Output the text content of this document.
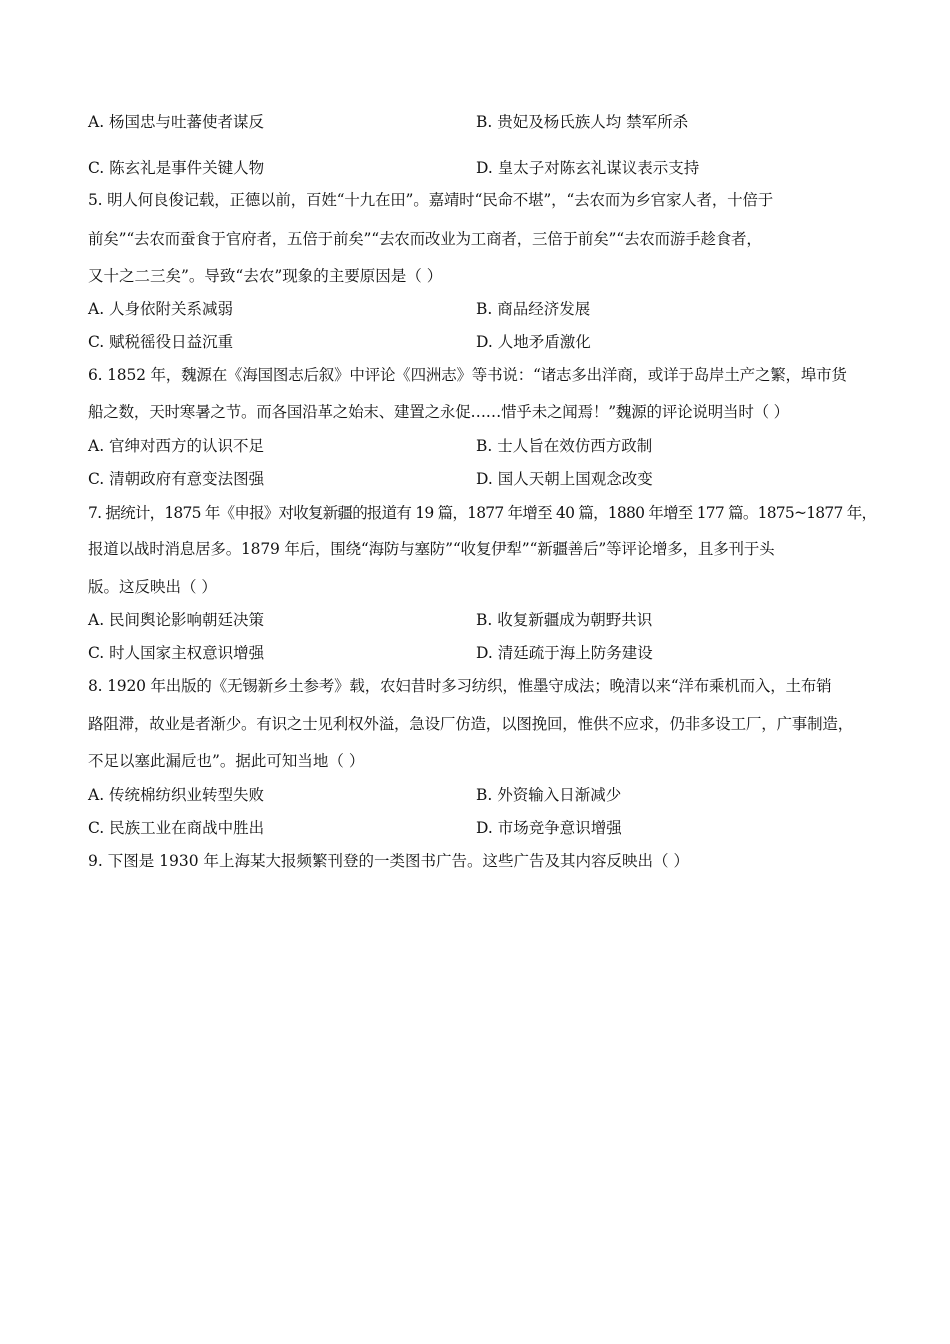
A. 杨国忠与吐蕃使者谋反	B. 贵妃及杨氏族人均 禁军所杀
C. 陈玄礼是事件关键人物	D. 皇太子对陈玄礼谋议表示支持
5. 明人何良俊记载，正德以前，百姓“十九在田”。嘉靖时“民命不堪”，“去农而为乡官家人者，十倍于
前矣”“去农而蚕食于官府者，五倍于前矣”“去农而改业为工商者，三倍于前矣”“去农而游手趁食者，
又十之二三矣”。导致“去农”现象的主要原因是（ ）
A. 人身依附关系减弱	B. 商品经济发展
C. 赋税徭役日益沉重	D. 人地矛盾激化
6. 1852 年，魏源在《海国图志后叙》中评论《四洲志》等书说：“诸志多出洋商，或详于岛岸土产之繁，埠市货
船之数，天时寒暑之节。而各国沿革之始末、建置之永促……惜乎未之闻焉！”魏源的评论说明当时（ ）
A. 官绅对西方的认识不足	B. 士人旨在效仿西方政制
C. 清朝政府有意变法图强	D. 国人天朝上国观念改变
7. 据统计，1875 年《申报》对收复新疆的报道有 19 篇，1877 年增至 40 篇，1880 年增至 177 篇。1875~1877 年，
报道以战时消息居多。1879 年后，围绕“海防与塞防”“收复伊犁”“新疆善后”等评论增多，且多刊于头
版。这反映出（ ）
A. 民间舆论影响朝廷决策	B. 收复新疆成为朝野共识
C. 时人国家主权意识增强	D. 清廷疏于海上防务建设
8. 1920 年出版的《无锡新乡土参考》载，农妇昔时多习纺织，惟墨守成法；晚清以来“洋布乘机而入，土布销
路阻滞，故业是者渐少。有识之士见利权外溢，急设厂仿造，以图挽回，惟供不应求，仍非多设工厂，广事制造，
不足以塞此漏卮也”。据此可知当地（ ）
A. 传统棉纺织业转型失败	B. 外资输入日渐减少
C. 民族工业在商战中胜出	D. 市场竞争意识增强
9. 下图是 1930 年上海某大报频繁刊登的一类图书广告。这些广告及其内容反映出（ ）
